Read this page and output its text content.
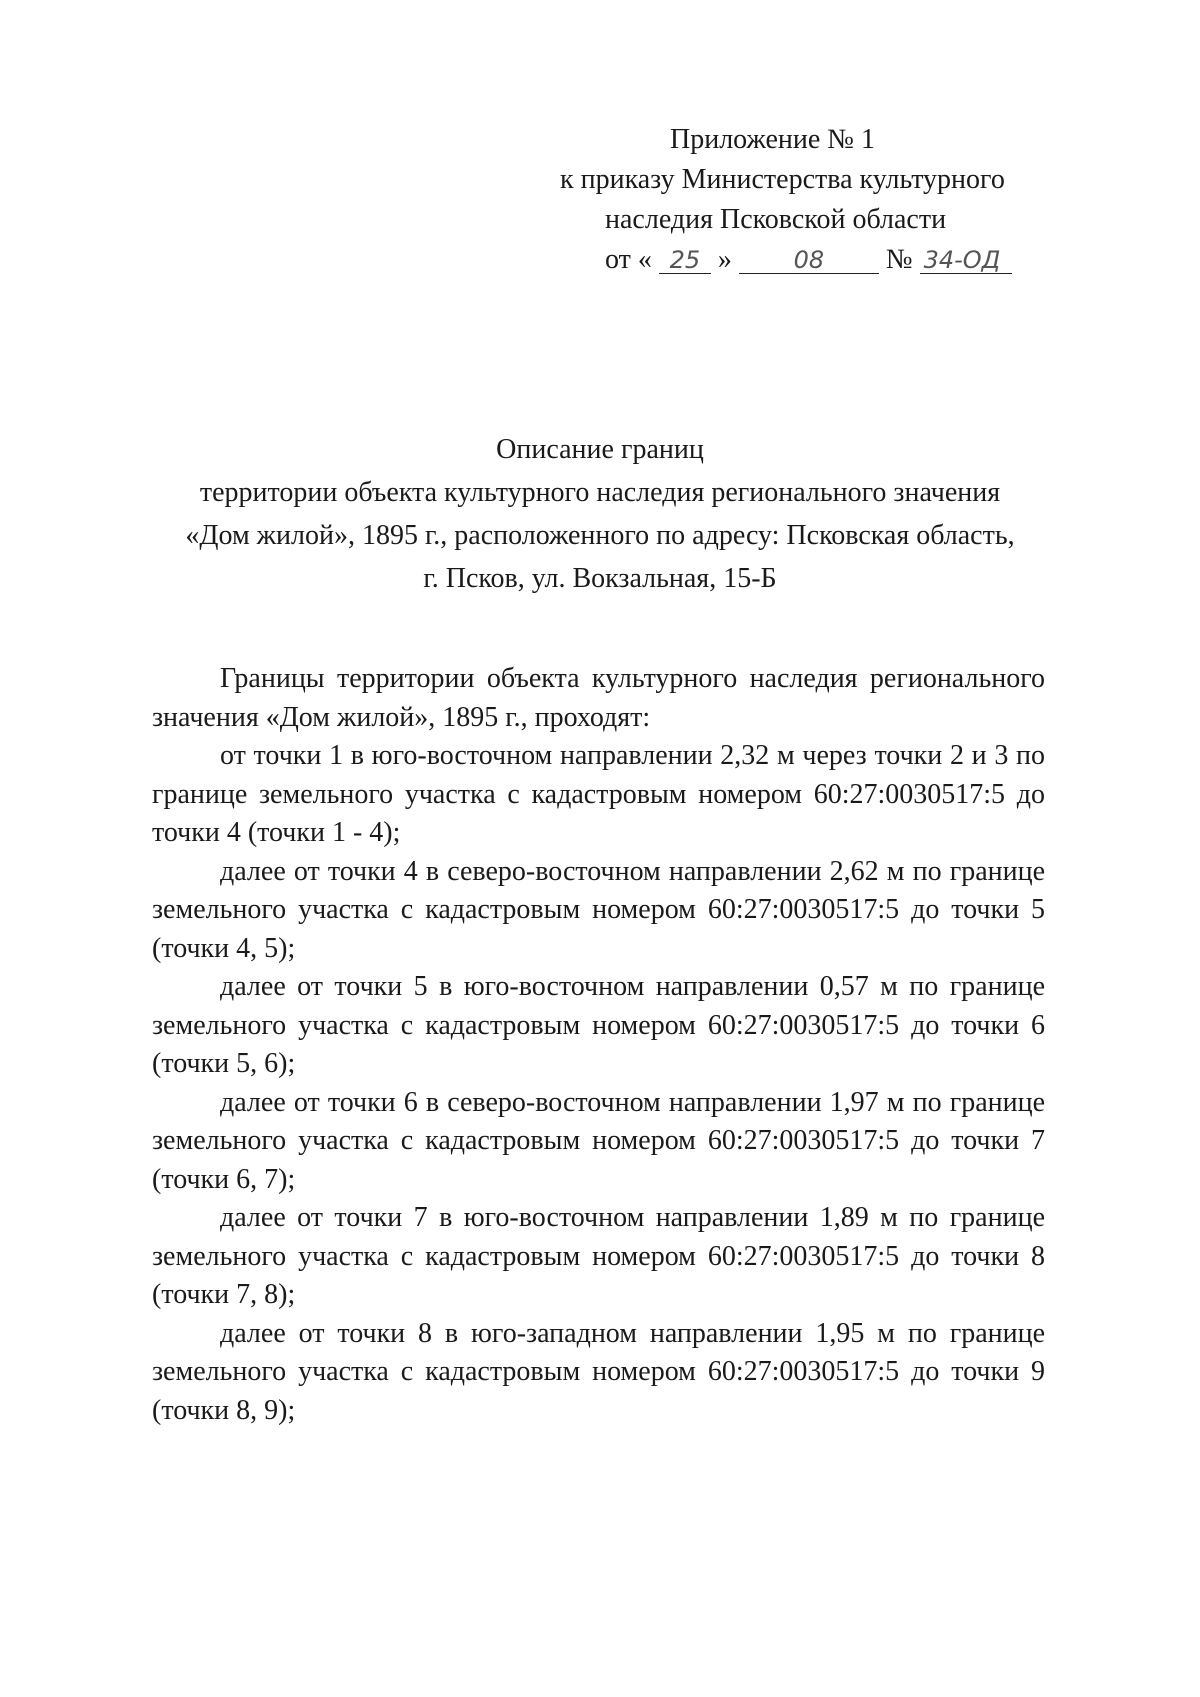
Приложение № 1
к приказу Министерства культурного
наследия Псковской области
от « 25 »	08 № 34-ОД
Описание границ
территории объекта культурного наследия регионального значения
«Дом жилой», 1895 г., расположенного по адресу: Псковская область,
г. Псков, ул. Вокзальная, 15-Б

Границы территории объекта культурного наследия регионального значения «Дом жилой», 1895 г., проходят:

от точки 1 в юго-восточном направлении 2,32 м через точки 2 и 3 по границе земельного участка с кадастровым номером 60:27:0030517:5 до точки 4 (точки 1 - 4);

далее от точки 4 в северо-восточном направлении 2,62 м по границе земельного участка с кадастровым номером 60:27:0030517:5 до точки 5 (точки 4, 5);

далее от точки 5 в юго-восточном направлении 0,57 м по границе земельного участка с кадастровым номером 60:27:0030517:5 до точки 6 (точки 5, 6);

далее от точки 6 в северо-восточном направлении 1,97 м по границе земельного участка с кадастровым номером 60:27:0030517:5 до точки 7 (точки 6, 7);

далее от точки 7 в юго-восточном направлении 1,89 м по границе земельного участка с кадастровым номером 60:27:0030517:5 до точки 8 (точки 7, 8);

далее от точки 8 в юго-западном направлении 1,95 м по границе земельного участка с кадастровым номером 60:27:0030517:5 до точки 9 (точки 8, 9);
